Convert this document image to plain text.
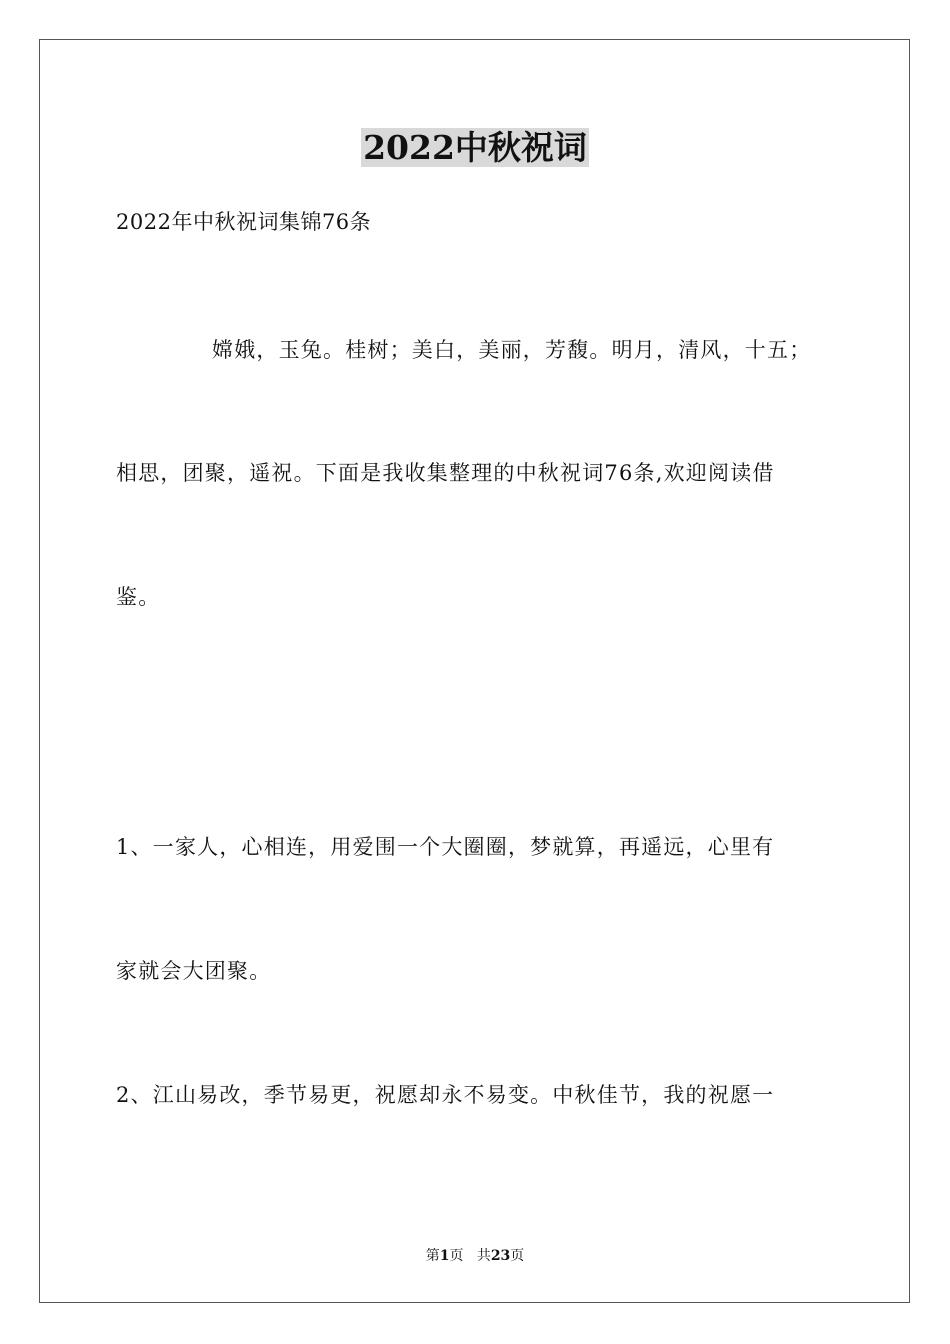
2022中秋祝词
2022年中秋祝词集锦76条
嫦娥，玉兔。桂树；美白，美丽，芳馥。明月，清风，十五；
相思，团聚，遥祝。下面是我收集整理的中秋祝词76条,欢迎阅读借
鉴。
1、一家人，心相连，用爱围一个大圈圈，梦就算，再遥远，心里有
家就会大团聚。
2、江山易改，季节易更，祝愿却永不易变。中秋佳节，我的祝愿一
第1页 共23页
